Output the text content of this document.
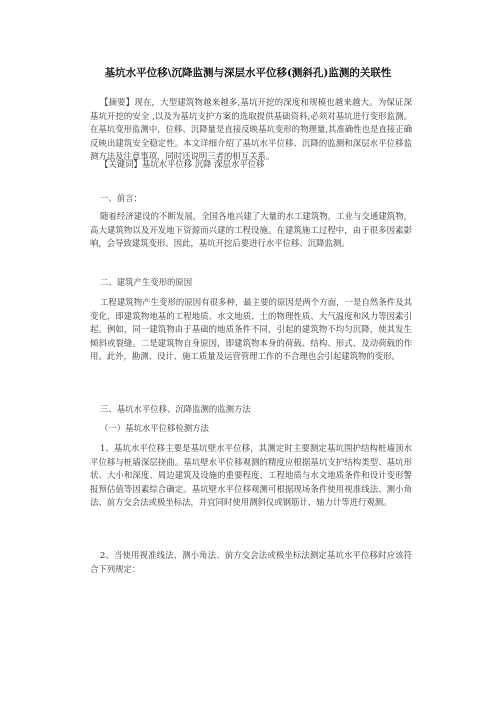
基坑水平位移\沉降监测与深层水平位移(测斜孔)监测的关联性

【摘要】现在，大型建筑物越来越多,基坑开挖的深度和规模也越来越大。为保证深基坑开挖的安全 ,以及为基坑支护方案的选取提供基础资料,必须对基坑进行变形监测。在基坑变形监测中，位移、沉降量是直接反映基坑变形的物理量,其准确性也是直接正确反映出建筑安全稳定性。本文详细介绍了基坑水平位移、沉降的监测和深层水平位移监测方法及注意事项，同时还说明三者的相互关系。

【关键词】基坑水平位移 沉降 深层水平位移
一、前言：

随着经济建设的不断发展，全国各地兴建了大量的水工建筑物，工业与交通建筑物，高大建筑物以及开发地下资源而兴建的工程设施。在建筑施工过程中，由于很多因素影响，会导致建筑变形。因此，基坑开挖后要进行水平位移、沉降监测。

二、建筑产生变形的原因

工程建筑物产生变形的原因有很多种，最主要的原因是两个方面，一是自然条件及其变化，即建筑物地基的工程地质、水文地质、土的物理性质、大气温度和风力等因素引起。例如，同一建筑物由于基础的地质条件不同，引起的建筑物不均匀沉降，使其发生倾斜或裂缝。二是建筑物自身原因，即建筑物本身的荷载、结构、形式、及动荷载的作用。此外，勘测、设计、施工质量及运营管理工作的不合理也会引起建筑物的变形。

三、基坑水平位移、沉降监测的监测方法
（一）基坑水平位移检测方法

1、基坑水平位移主要是基坑壁水平位移，其测定时主要测定基坑围护结构桩墙顶水平位移与桩墙深层挠曲。基坑壁水平位移观测的精度应根据基坑支护结构类型、基坑形状、大小和深度、周边建筑及设施的重要程度、工程地质与水文地质条件和设计变形警报预估值等因素综合确定。基坑壁水平位移观测可根据现场条件使用视准线法、测小角法、前方交会法或极坐标法，并宜同时使用测斜仪或钢筋计、轴力计等进行观测。

2、当使用视准线法、测小角法、前方交会法或极坐标法测定基坑水平位移时应该符合下列规定：
